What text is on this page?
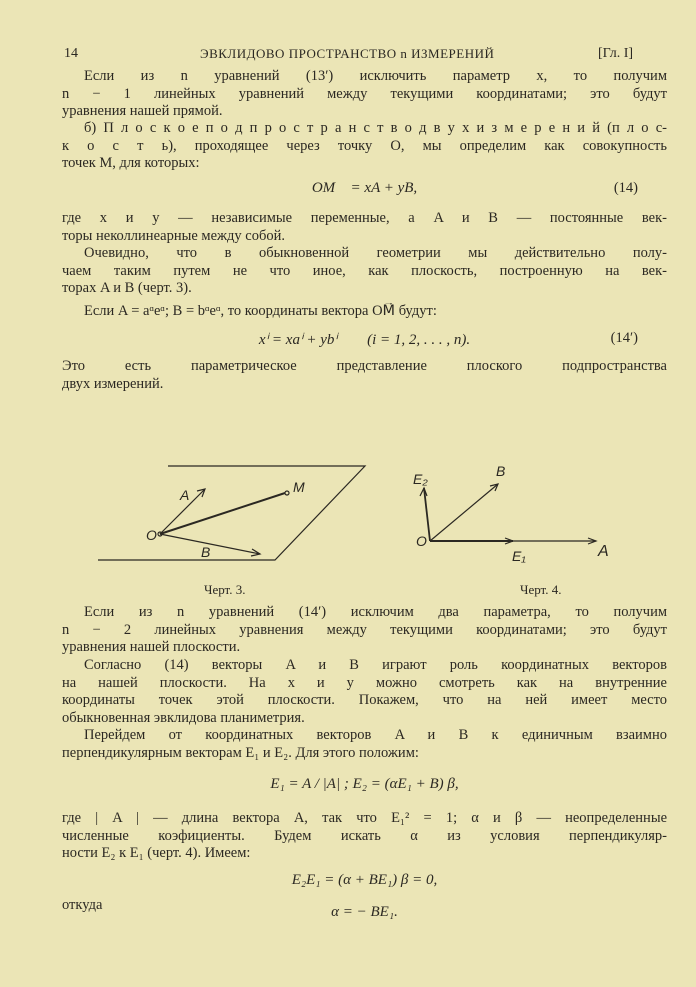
14	ЭВКЛИДОВО ПРОСТРАНСТВО n ИЗМЕРЕНИЙ	[Гл. I]
Если из n уравнений (13′) исключить параметр x, то получим
n − 1 линейных уравнений между текущими координатами; это будут
уравнения нашей прямой.
б) П л о с к о е п о д п р о с т р а н с т в о д в у х и з м е р е н и й (п л о с-
к о с т ь), проходящее через точку O, мы определим как совокупность
точек M, для которых:
OM⃗ = xA + yB,	(14)
где x и y — независимые переменные, а A и B — постоянные век-
торы неколлинеарные между собой.
Очевидно, что в обыкновенной геометрии мы действительно полу-
чаем таким путем не что иное, как плоскость, построенную на век-
торах A и B (черт. 3).
Если A = aᵅeᵅ; B = bᵅeᵅ, то координаты вектора OM⃗ будут:
xⁱ = xaⁱ + ybⁱ        (i = 1, 2, . . . , n).	(14′)
Это есть параметрическое представление плоского подпространства
двух измерений.
A	M
O
B
E₂	B
O
E₁	A
Черт. 3.	Черт. 4.
Если из n уравнений (14′) исключим два параметра, то получим
n − 2 линейных уравнения между текущими координатами; это будут
уравнения нашей плоскости.
Согласно (14) векторы A и B играют роль координатных векторов
на нашей плоскости. На x и y можно смотреть как на внутренние
координаты точек этой плоскости. Покажем, что на ней имеет место
обыкновенная эвклидова планиметрия.
Перейдем от координатных векторов A и B к единичным взаимно
перпендикулярным векторам E₁ и E₂. Для этого положим:
E₁ = A / |A| ; E₂ = (αE₁ + B) β,
где | A | — длина вектора A, так что E₁² = 1; α и β — неопределенные
численные коэфициенты. Будем искать α из условия перпендикуляр-
ности E₂ к E₁ (черт. 4). Имеем:
E₂E₁ = (α + BE₁) β = 0,
откуда	α = − BE₁.
